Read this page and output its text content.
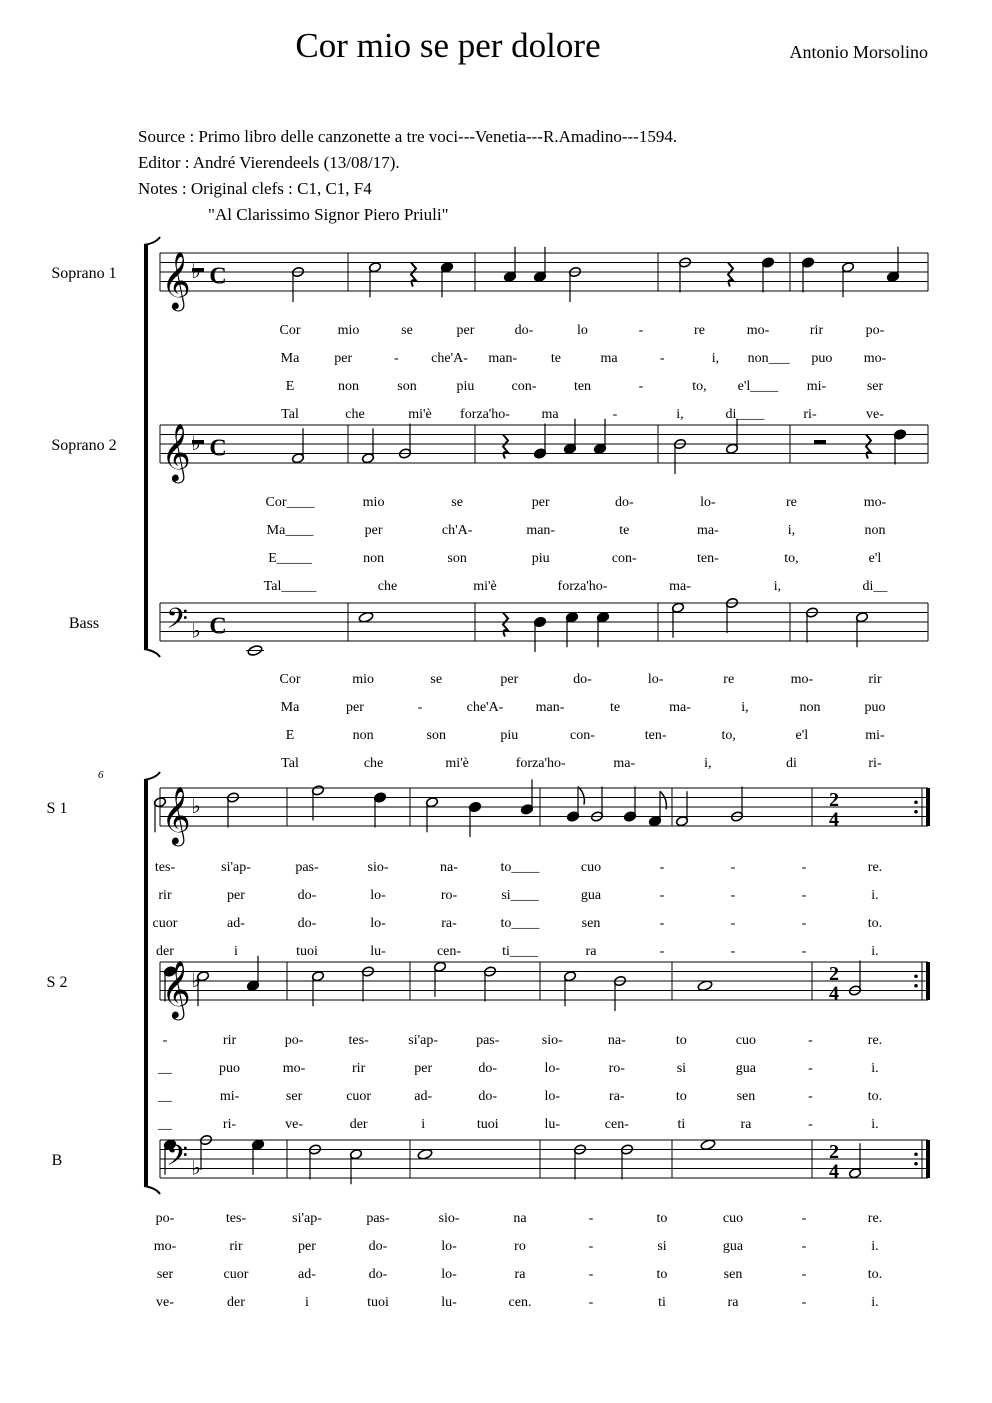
Cor mio se per dolore	Antonio Morsolino
Source : Primo libro delle canzonette a tre voci---Venetia---R.Amadino---1594.
Editor : André Vierendeels (13/08/17).
Notes : Original clefs : C1, C1, F4
"Al Clarissimo Signor Piero Priuli"
Cor	mio	se	per	do-	lo	-	re	mo-	rir	po-
Ma per	- che'A- man- te	ma	-	i, non___ puo mo-
E	non	son	piu	con-	ten	-	to, e'l____ mi-	ser
Tal	che	mi'è forza'ho- ma	-	i,	di____	ri-	ve-
Cor____	mio	se	per	do-	lo-	re	mo-
Ma____	per	ch'A-	man-	te	ma-	i,	non
E_____	non	son	piu	con-	ten-	to,	e'l
Tal_____	che	mi'è	forza'ho-	ma-	i,	di__
Cor	mio	se	per	do-	lo-	re	mo-	rir
Ma	per	-	che'A- man-	te	ma-	i,	non	puo
E	non	son	piu	con-	ten-	to,	e'l	mi-
Tal	che	mi'è	forza'ho-	ma-	i,	di	ri-
Soprano 1 𝄞 ♭ C
Soprano 2 𝄞 ♭ C
Bass 𝄢 ♭ C
tes-	si'ap-	pas-	sio-	na-	to____	cuo	-	-	-	re.
rir	per	do-	lo-	ro-	si____	gua	-	-	-	i.
cuor	ad-	do-	lo-	ra-	to____	sen	-	-	-	to.
der	i	tuoi	lu-	cen-	ti____	ra	-	-	-	i.
-	rir	po-	tes-	si'ap-	pas-	sio-	na-	to	cuo	-	re.
__	puo	mo-	rir	per	do-	lo-	ro-	si	gua	-	i.
__	mi-	ser	cuor	ad-	do-	lo-	ra-	to	sen	-	to.
__	ri-	ve-	der	i	tuoi	lu-	cen-	ti	ra	-	i.
po-	tes-	si'ap-	pas-	sio-	na	-	to	cuo	-	re.
mo-	rir	per	do-	lo-	ro	-	si	gua	-	i.
ser	cuor	ad-	do-	lo-	ra	-	to	sen	-	to.
ve-	der	i	tuoi	lu-	cen.	-	ti	ra	-	i.
6
S 1	2
4
𝄞 ♭
S 2	2
4
𝄞 ♭
B	2
4
𝄢 ♭
